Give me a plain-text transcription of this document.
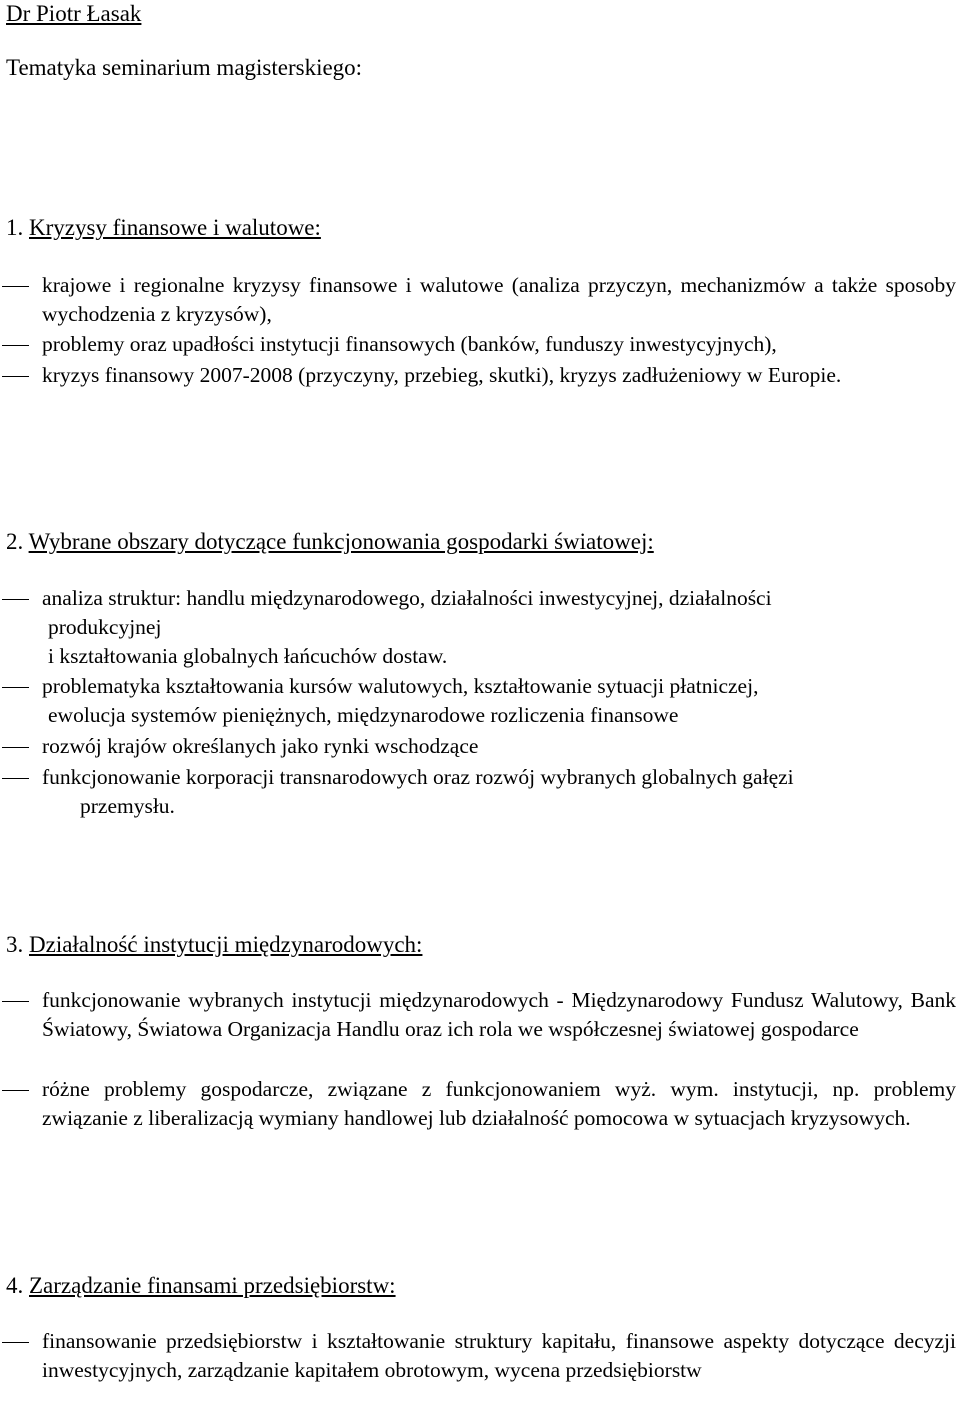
Dr Piotr Łasak
Tematyka seminarium magisterskiego:
1. Kryzysy finansowe i walutowe:

krajowe i regionalne kryzysy finansowe i walutowe (analiza przyczyn, mechanizmów a także sposoby wychodzenia z kryzysów),

problemy oraz upadłości instytucji finansowych (banków, funduszy inwestycyjnych),

kryzys finansowy 2007-2008 (przyczyny, przebieg, skutki), kryzys zadłużeniowy w Europie.

2. Wybrane obszary dotyczące funkcjonowania gospodarki światowej:

analiza struktur: handlu międzynarodowego, działalności inwestycyjnej, działalności

produkcyjnej

i kształtowania globalnych łańcuchów dostaw.

problematyka kształtowania kursów walutowych, kształtowanie sytuacji płatniczej,

ewolucja systemów pieniężnych, międzynarodowe rozliczenia finansowe

rozwój krajów określanych jako rynki wschodzące

funkcjonowanie korporacji transnarodowych oraz rozwój wybranych globalnych gałęzi

przemysłu.

3. Działalność instytucji międzynarodowych:

funkcjonowanie wybranych instytucji międzynarodowych - Międzynarodowy Fundusz Walutowy, Bank Światowy, Światowa Organizacja Handlu oraz ich rola we współczesnej światowej gospodarce

różne problemy gospodarcze, związane z funkcjonowaniem wyż. wym. instytucji, np. problemy związanie z liberalizacją wymiany handlowej lub działalność pomocowa w sytuacjach kryzysowych.

4. Zarządzanie finansami przedsiębiorstw:

finansowanie przedsiębiorstw i kształtowanie struktury kapitału, finansowe aspekty dotyczące decyzji inwestycyjnych, zarządzanie kapitałem obrotowym, wycena przedsiębiorstw
